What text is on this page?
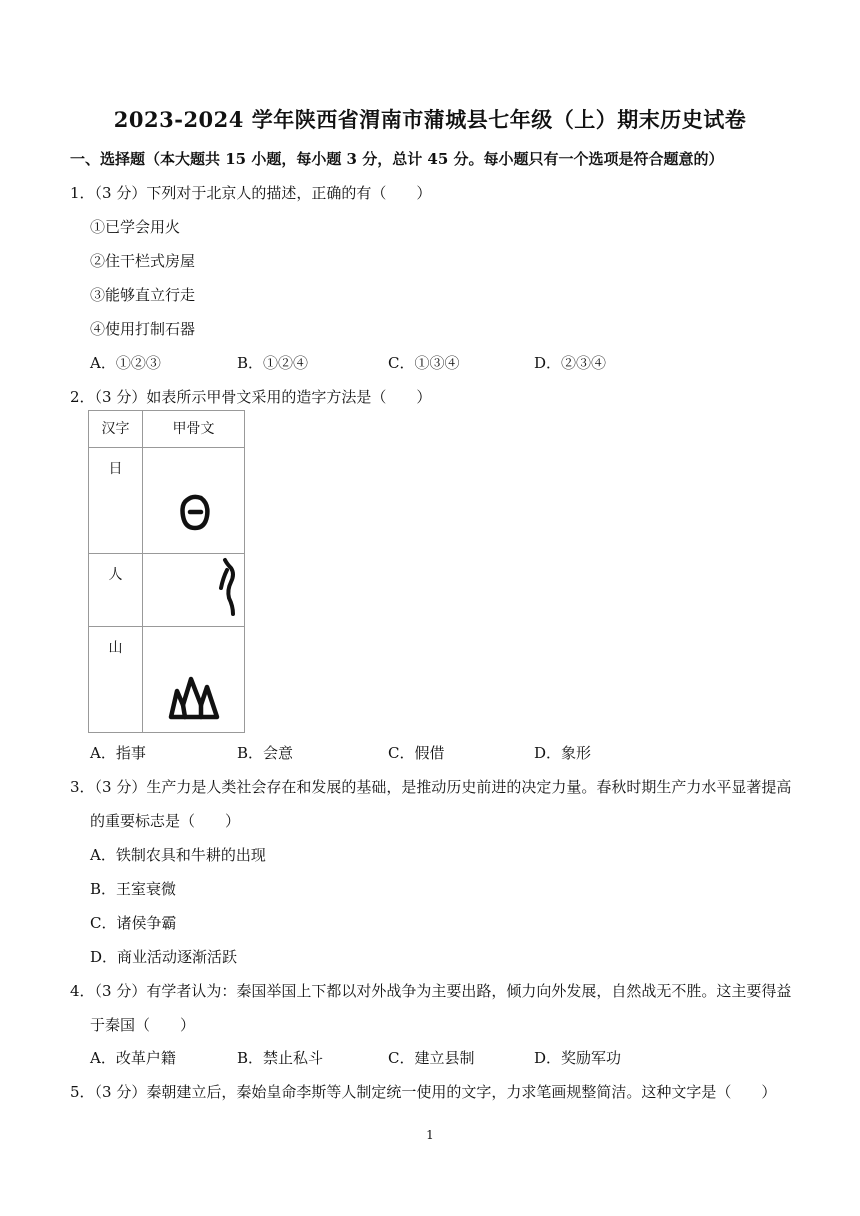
2023-2024 学年陕西省渭南市蒲城县七年级（上）期末历史试卷
一、选择题（本大题共 15 小题，每小题 3 分，总计 45 分。每小题只有一个选项是符合题意的）
1．（3 分）下列对于北京人的描述，正确的有（　　）
①已学会用火
②住干栏式房屋
③能够直立行走
④使用打制石器
A．①②③	B．①②④	C．①③④	D．②③④
2．（3 分）如表所示甲骨文采用的造字方法是（　　）
汉字	甲骨文
日	

人	

山	
A．指事	B．会意	C．假借	D．象形
3．（3 分）生产力是人类社会存在和发展的基础，是推动历史前进的决定力量。春秋时期生产力水平显著提高
的重要标志是（　　）
A．铁制农具和牛耕的出现
B．王室衰微
C．诸侯争霸
D．商业活动逐渐活跃
4．（3 分）有学者认为：秦国举国上下都以对外战争为主要出路，倾力向外发展，自然战无不胜。这主要得益
于秦国（　　）
A．改革户籍	B．禁止私斗	C．建立县制	D．奖励军功
5．（3 分）秦朝建立后，秦始皇命李斯等人制定统一使用的文字，力求笔画规整简洁。这种文字是（　　）
1
